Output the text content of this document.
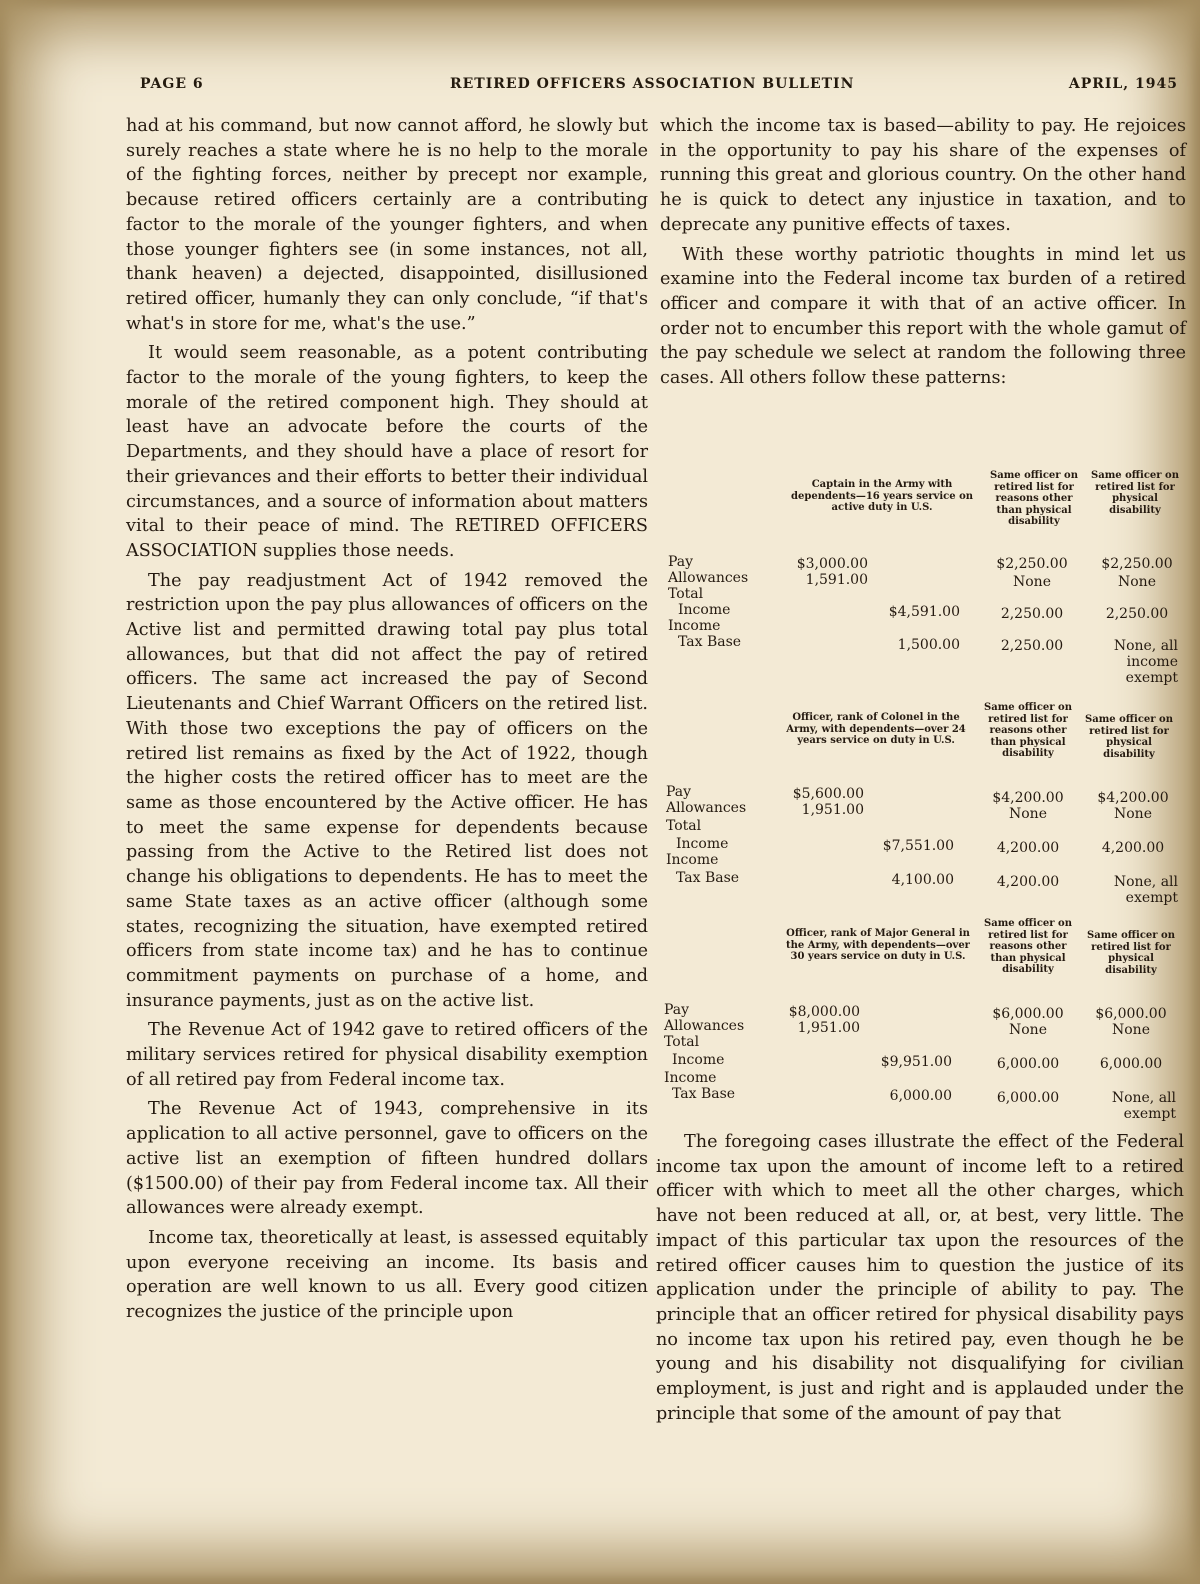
PAGE 6	RETIRED OFFICERS ASSOCIATION BULLETIN	APRIL, 1945

had at his command, but now cannot afford, he slowly but surely reaches a state where he is no help to the morale of the fighting forces, neither by precept nor example, because retired officers certainly are a contributing factor to the morale of the younger fighters, and when those younger fighters see (in some instances, not all, thank heaven) a dejected, disappointed, disillusioned retired officer, humanly they can only conclude, “if that's what's in store for me, what's the use.”

It would seem reasonable, as a potent contributing factor to the morale of the young fighters, to keep the morale of the retired component high. They should at least have an advocate before the courts of the Departments, and they should have a place of resort for their grievances and their efforts to better their individual circumstances, and a source of information about matters vital to their peace of mind. The RETIRED OFFICERS ASSOCIATION supplies those needs.

The pay readjustment Act of 1942 removed the restriction upon the pay plus allowances of officers on the Active list and permitted drawing total pay plus total allowances, but that did not affect the pay of retired officers. The same act increased the pay of Second Lieutenants and Chief Warrant Officers on the retired list. With those two exceptions the pay of officers on the retired list remains as fixed by the Act of 1922, though the higher costs the retired officer has to meet are the same as those encountered by the Active officer. He has to meet the same expense for dependents because passing from the Active to the Retired list does not change his obligations to dependents. He has to meet the same State taxes as an active officer (although some states, recognizing the situation, have exempted retired officers from state income tax) and he has to continue commitment payments on purchase of a home, and insurance payments, just as on the active list.

The Revenue Act of 1942 gave to retired officers of the military services retired for physical disability exemption of all retired pay from Federal income tax.

The Revenue Act of 1943, comprehensive in its application to all active personnel, gave to officers on the active list an exemption of fifteen hundred dollars ($1500.00) of their pay from Federal income tax. All their allowances were already exempt.

Income tax, theoretically at least, is assessed equitably upon everyone receiving an income. Its basis and operation are well known to us all. Every good citizen recognizes the justice of the principle upon

which the income tax is based—ability to pay. He rejoices in the opportunity to pay his share of the expenses of running this great and glorious country. On the other hand he is quick to detect any injustice in taxation, and to deprecate any punitive effects of taxes.

With these worthy patriotic thoughts in mind let us examine into the Federal income tax burden of a retired officer and compare it with that of an active officer. In order not to encumber this report with the whole gamut of the pay schedule we select at random the following three cases. All others follow these patterns:

Captain in the Army with dependents—16 years service on active duty in U.S.
Same officer on retired list for reasons other than physical disability
Same officer on retired list for physical disability
Pay
Allowances
Total
Income
Income
Tax Base
$3,000.00
1,591.00
$4,591.00
1,500.00
$2,250.00
None
2,250.00
2,250.00
$2,250.00
None
2,250.00
None, all income exempt
Officer, rank of Colonel in the Army, with dependents—over 24 years service on duty in U.S.
Same officer on retired list for reasons other than physical disability
Same officer on retired list for physical disability
Pay
Allowances
Total
Income
Income
Tax Base
$5,600.00
1,951.00
$7,551.00
4,100.00
$4,200.00
None
4,200.00
4,200.00
$4,200.00
None
4,200.00
None, all exempt
Officer, rank of Major General in the Army, with dependents—over 30 years service on duty in U.S.
Same officer on retired list for reasons other than physical disability
Same officer on retired list for physical disability
Pay
Allowances
Total
Income
Income
Tax Base
$8,000.00
1,951.00
$9,951.00
6,000.00
$6,000.00
None
6,000.00
6,000.00
$6,000.00
None
6,000.00
None, all exempt

The foregoing cases illustrate the effect of the Federal income tax upon the amount of income left to a retired officer with which to meet all the other charges, which have not been reduced at all, or, at best, very little. The impact of this particular tax upon the resources of the retired officer causes him to question the justice of its application under the principle of ability to pay. The principle that an officer retired for physical disability pays no income tax upon his retired pay, even though he be young and his disability not disqualifying for civilian employment, is just and right and is applauded under the principle that some of the amount of pay that
